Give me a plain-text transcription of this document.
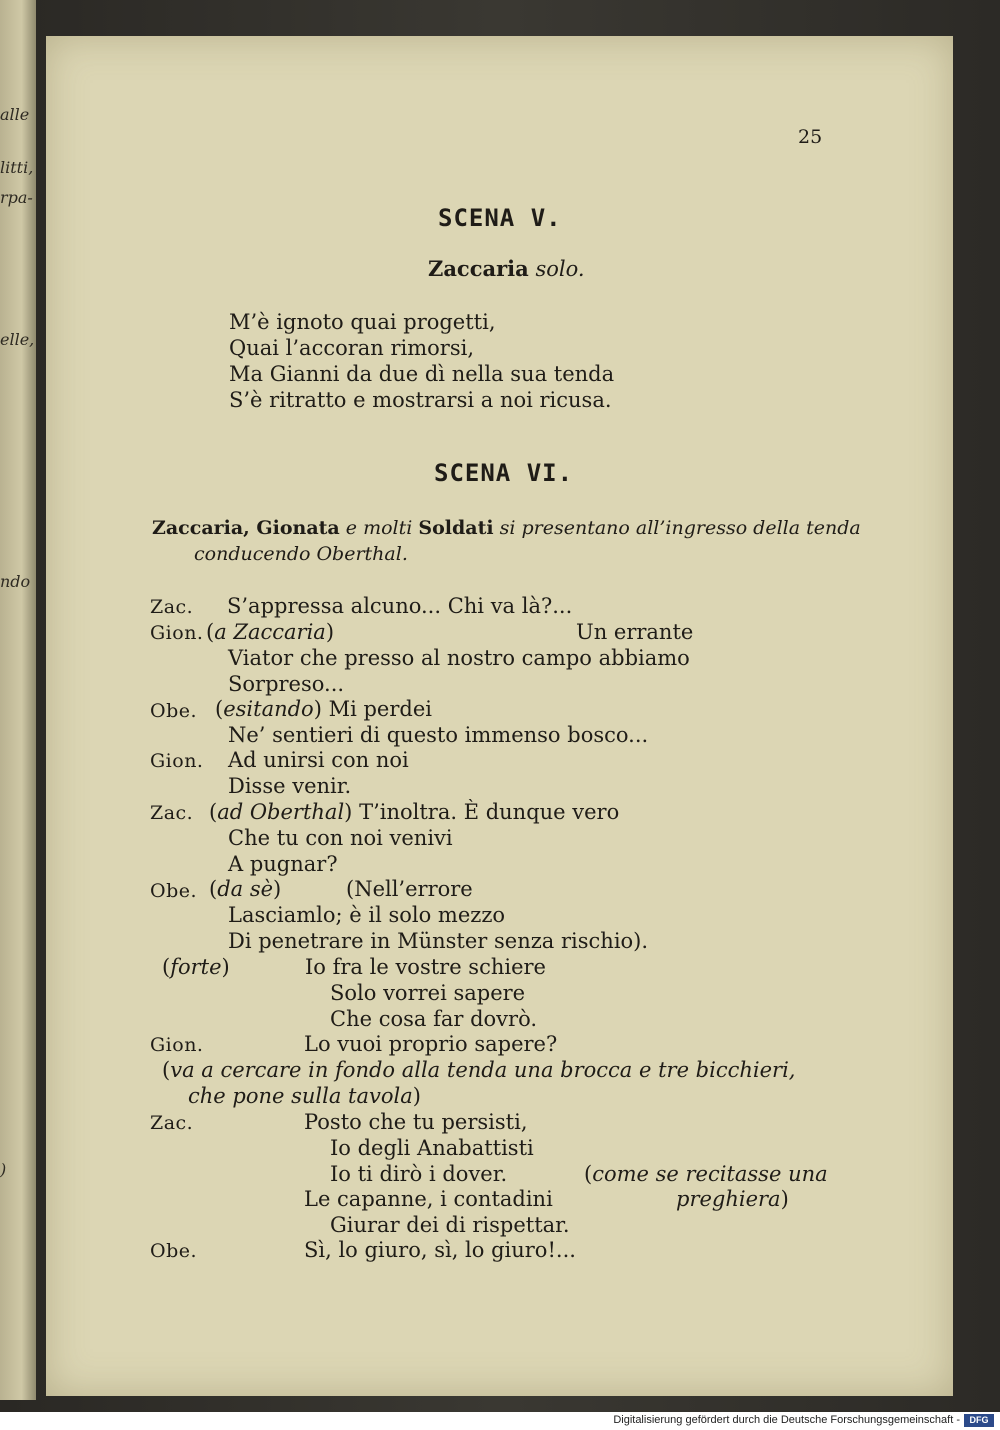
alle
litti,
rpa-
elle,
ndo
)
25
SCENA V.
Zaccaria solo.
M’è ignoto quai progetti,
Quai l’accoran rimorsi,
Ma Gianni da due dì nella sua tenda
S’è ritratto e mostrarsi a noi ricusa.
SCENA VI.
Zaccaria, Gionata e molti Soldati si presentano all’ingresso della tenda
conducendo Oberthal.
Zac. S’appressa alcuno... Chi va là?...
Gion. (a Zaccaria)	Un errante
Viator che presso al nostro campo abbiamo
Sorpreso...
Obe. (esitando) Mi perdei
Ne’ sentieri di questo immenso bosco...
Gion. Ad unirsi con noi
Disse venir.
Zac. (ad Oberthal) T’inoltra. È dunque vero
Che tu con noi venivi
A pugnar?
Obe. (da sè)	(Nell’errore
Lasciamlo; è il solo mezzo
Di penetrare in Münster senza rischio).
(forte)	Io fra le vostre schiere
Solo vorrei sapere
Che cosa far dovrò.
Gion.	Lo vuoi proprio sapere?
(va a cercare in fondo alla tenda una brocca e tre bicchieri,
che pone sulla tavola)
Zac.	Posto che tu persisti,
Io degli Anabattisti
Io ti dirò i dover.	(come se recitasse una
Le capanne, i contadini	preghiera)
Giurar dei di rispettar.
Obe.	Sì, lo giuro, sì, lo giuro!...
Digitalisierung gefördert durch die Deutsche Forschungsgemeinschaft -	DFG
